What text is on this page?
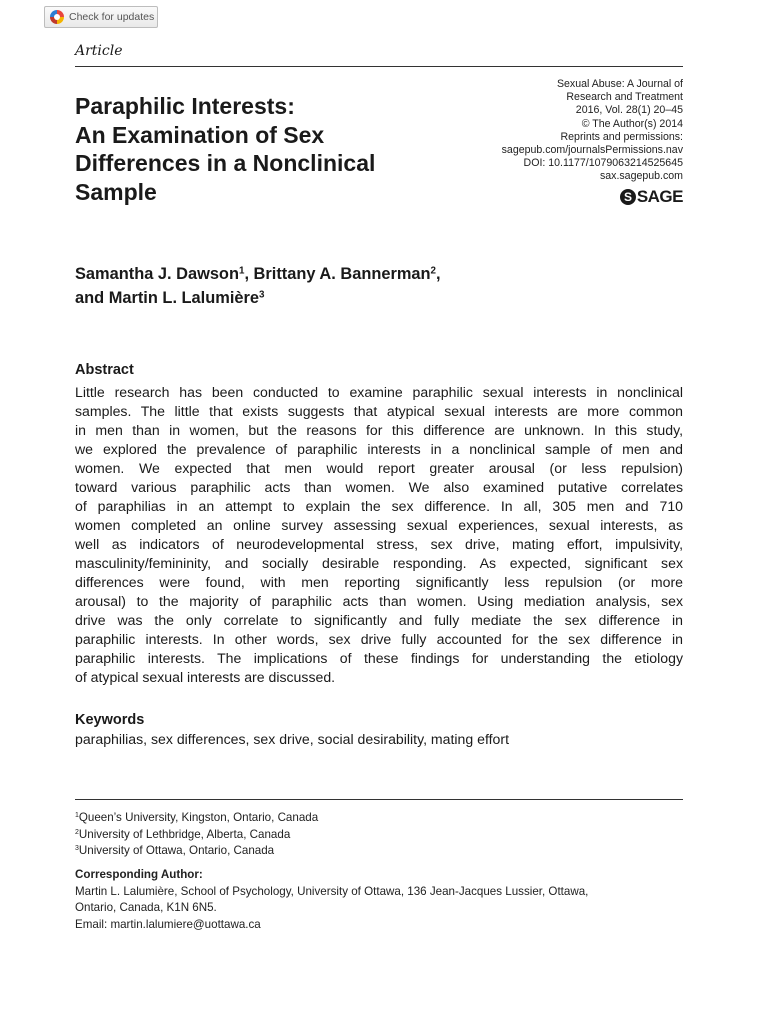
Check for updates
Article
Paraphilic Interests:
An Examination of Sex
Differences in a Nonclinical
Sample
Sexual Abuse: A Journal of
Research and Treatment
2016, Vol. 28(1) 20–45
© The Author(s) 2014
Reprints and permissions:
sagepub.com/journalsPermissions.nav
DOI: 10.1177/1079063214525645
sax.sagepub.com
S SAGE
Samantha J. Dawson$^1$, Brittany A. Bannerman$^2$,
and Martin L. Lalumière$^3$
Abstract
Little research has been conducted to examine paraphilic sexual interests in nonclinical
samples. The little that exists suggests that atypical sexual interests are more common
in men than in women, but the reasons for this difference are unknown. In this study,
we explored the prevalence of paraphilic interests in a nonclinical sample of men and
women. We expected that men would report greater arousal (or less repulsion)
toward various paraphilic acts than women. We also examined putative correlates
of paraphilias in an attempt to explain the sex difference. In all, 305 men and 710
women completed an online survey assessing sexual experiences, sexual interests, as
well as indicators of neurodevelopmental stress, sex drive, mating effort, impulsivity,
masculinity/femininity, and socially desirable responding. As expected, significant sex
differences were found, with men reporting significantly less repulsion (or more
arousal) to the majority of paraphilic acts than women. Using mediation analysis, sex
drive was the only correlate to significantly and fully mediate the sex difference in
paraphilic interests. In other words, sex drive fully accounted for the sex difference in
paraphilic interests. The implications of these findings for understanding the etiology
of atypical sexual interests are discussed.
Keywords
paraphilias, sex differences, sex drive, social desirability, mating effort
$^1$Queen’s University, Kingston, Ontario, Canada
$^2$University of Lethbridge, Alberta, Canada
$^3$University of Ottawa, Ontario, Canada
Corresponding Author:
Martin L. Lalumière, School of Psychology, University of Ottawa, 136 Jean-Jacques Lussier, Ottawa,
Ontario, Canada, K1N 6N5.
Email: martin.lalumiere@uottawa.ca
